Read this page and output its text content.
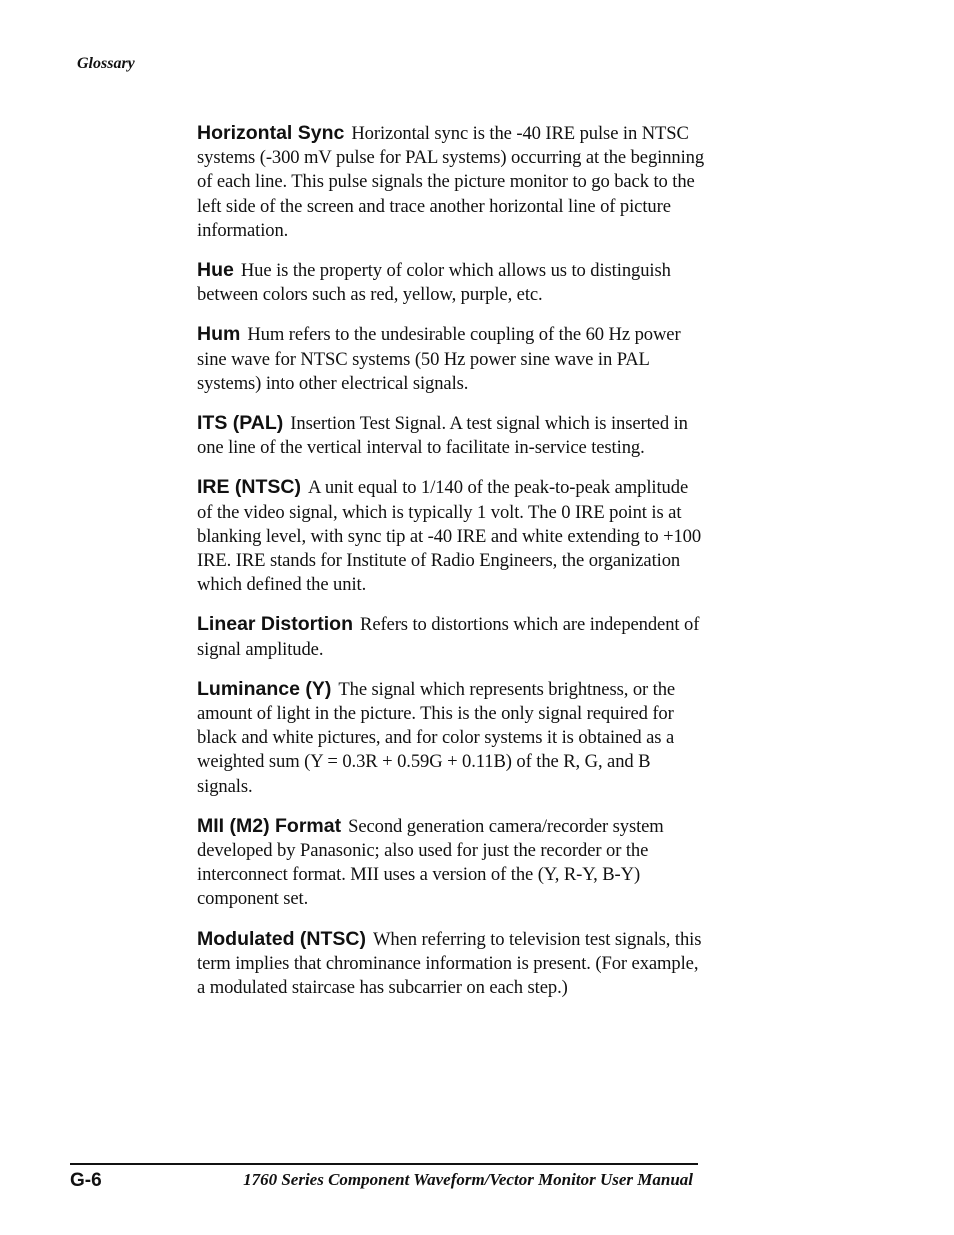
Glossary

Horizontal Sync Horizontal sync is the -40 IRE pulse in NTSC systems (-300 mV pulse for PAL systems) occurring at the beginning of each line. This pulse signals the picture monitor to go back to the left side of the screen and trace another horizontal line of picture information.

Hue Hue is the property of color which allows us to distinguish between colors such as red, yellow, purple, etc.

Hum Hum refers to the undesirable coupling of the 60 Hz power sine wave for NTSC systems (50 Hz power sine wave in PAL systems) into other electrical signals.

ITS (PAL) Insertion Test Signal. A test signal which is inserted in one line of the vertical interval to facilitate in-service testing.

IRE (NTSC) A unit equal to 1/140 of the peak-to-peak amplitude of the video signal, which is typically 1 volt. The 0 IRE point is at blanking level, with sync tip at -40 IRE and white extending to +100 IRE. IRE stands for Institute of Radio Engineers, the organization which defined the unit.

Linear Distortion Refers to distortions which are independent of signal amplitude.

Luminance (Y) The signal which represents brightness, or the amount of light in the picture. This is the only signal required for black and white pictures, and for color systems it is obtained as a weighted sum (Y = 0.3R + 0.59G + 0.11B) of the R, G, and B signals.

MII (M2) Format Second generation camera/recorder system developed by Panasonic; also used for just the recorder or the interconnect format. MII uses a version of the (Y, R-Y, B-Y) component set.

Modulated (NTSC) When referring to television test signals, this term implies that chrominance information is present. (For example, a modulated staircase has subcarrier on each step.)

G-6	1760 Series Component Waveform/Vector Monitor User Manual
